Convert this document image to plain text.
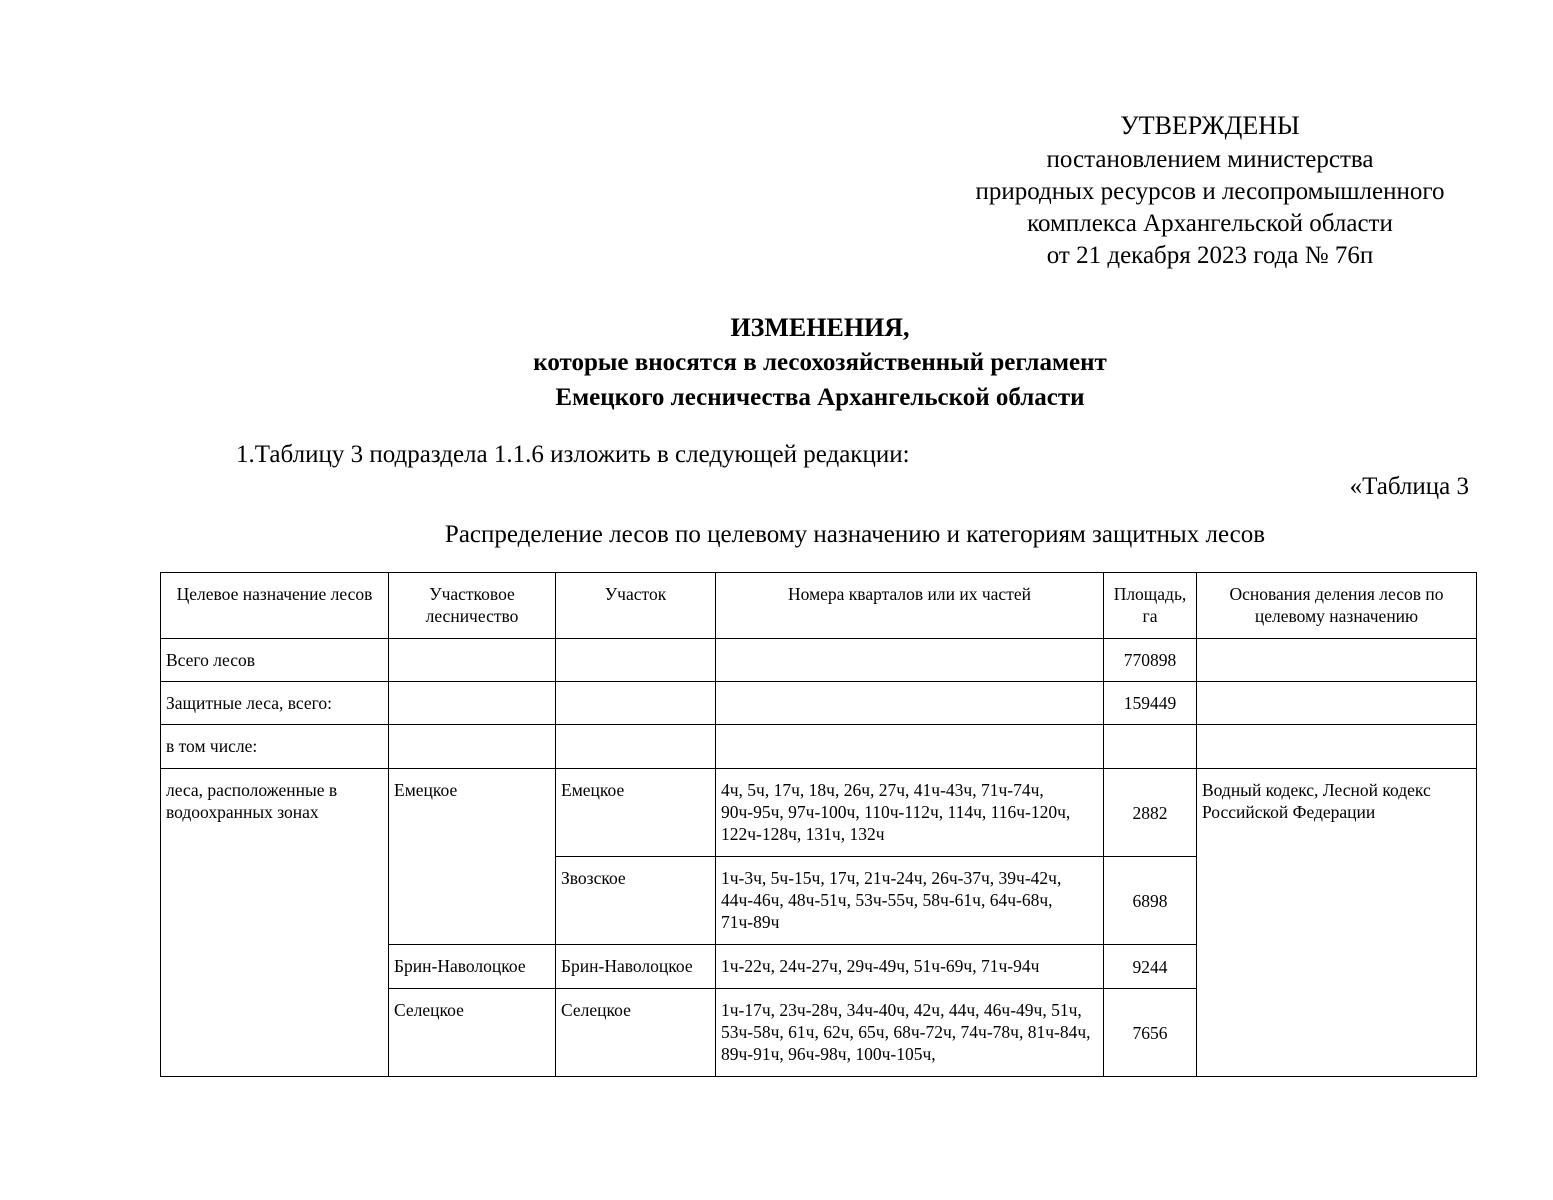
УТВЕРЖДЕНЫ
постановлением министерства
природных ресурсов и лесопромышленного
комплекса Архангельской области
от 21 декабря 2023 года № 76п
ИЗМЕНЕНИЯ,
которые вносятся в лесохозяйственный регламент
Емецкого лесничества Архангельской области
1.Таблицу 3 подраздела 1.1.6 изложить в следующей редакции:
«Таблица 3
Распределение лесов по целевому назначению и категориям защитных лесов
Целевое назначение лесов	Участковое лесничество	Участок	Номера кварталов или их частей	Площадь, га	Основания деления лесов по целевому назначению
Всего лесов				770898	
Защитные леса, всего:				159449	
в том числе:					
леса, расположенные в водоохранных зонах	Емецкое	Емецкое	4ч, 5ч, 17ч, 18ч, 26ч, 27ч, 41ч-43ч, 71ч-74ч, 90ч-95ч, 97ч-100ч, 110ч-112ч, 114ч, 116ч-120ч, 122ч-128ч, 131ч, 132ч	2882	Водный кодекс, Лесной кодекс Российской Федерации
		Звозское	1ч-3ч, 5ч-15ч, 17ч, 21ч-24ч, 26ч-37ч, 39ч-42ч, 44ч-46ч, 48ч-51ч, 53ч-55ч, 58ч-61ч, 64ч-68ч, 71ч-89ч	6898	
	Брин-Наволоцкое	Брин-Наволоцкое	1ч-22ч, 24ч-27ч, 29ч-49ч, 51ч-69ч, 71ч-94ч	9244	
	Селецкое	Селецкое	1ч-17ч, 23ч-28ч, 34ч-40ч, 42ч, 44ч, 46ч-49ч, 51ч, 53ч-58ч, 61ч, 62ч, 65ч, 68ч-72ч, 74ч-78ч, 81ч-84ч, 89ч-91ч, 96ч-98ч, 100ч-105ч,	7656	
